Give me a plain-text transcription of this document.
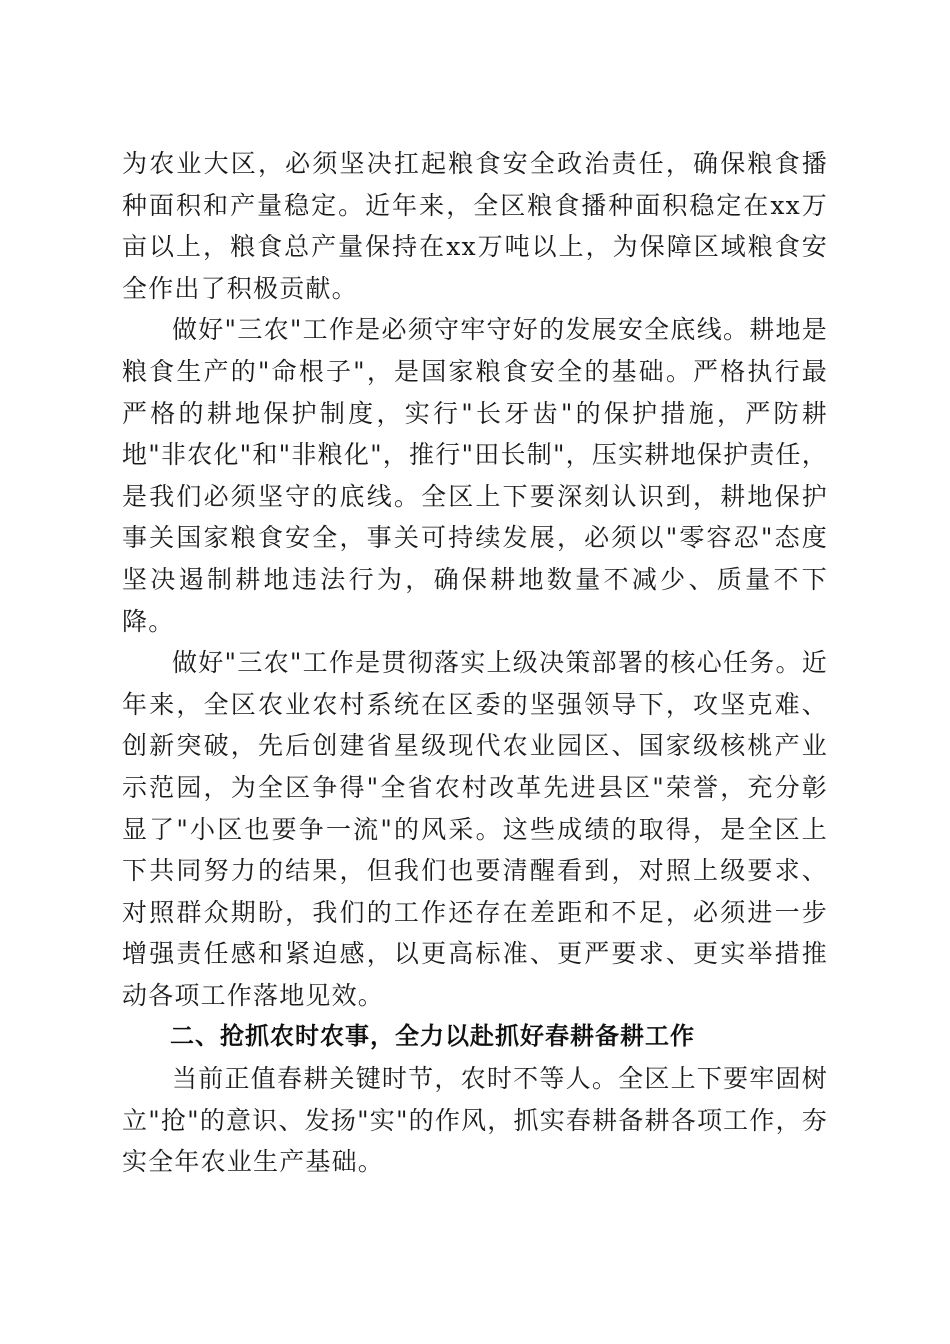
为农业大区，必须坚决扛起粮食安全政治责任，确保粮食播种面积和产量稳定。近年来，全区粮食播种面积稳定在xx万亩以上，粮食总产量保持在xx万吨以上，为保障区域粮食安全作出了积极贡献。

做好"三农"工作是必须守牢守好的发展安全底线。耕地是粮食生产的"命根子"，是国家粮食安全的基础。严格执行最严格的耕地保护制度，实行"长牙齿"的保护措施，严防耕地"非农化"和"非粮化"，推行"田长制"，压实耕地保护责任，是我们必须坚守的底线。全区上下要深刻认识到，耕地保护事关国家粮食安全，事关可持续发展，必须以"零容忍"态度坚决遏制耕地违法行为，确保耕地数量不减少、质量不下降。

做好"三农"工作是贯彻落实上级决策部署的核心任务。近年来，全区农业农村系统在区委的坚强领导下，攻坚克难、创新突破，先后创建省星级现代农业园区、国家级核桃产业示范园，为全区争得"全省农村改革先进县区"荣誉，充分彰显了"小区也要争一流"的风采。这些成绩的取得，是全区上下共同努力的结果，但我们也要清醒看到，对照上级要求、对照群众期盼，我们的工作还存在差距和不足，必须进一步增强责任感和紧迫感，以更高标准、更严要求、更实举措推动各项工作落地见效。

二、抢抓农时农事，全力以赴抓好春耕备耕工作

当前正值春耕关键时节，农时不等人。全区上下要牢固树立"抢"的意识、发扬"实"的作风，抓实春耕备耕各项工作，夯实全年农业生产基础。
